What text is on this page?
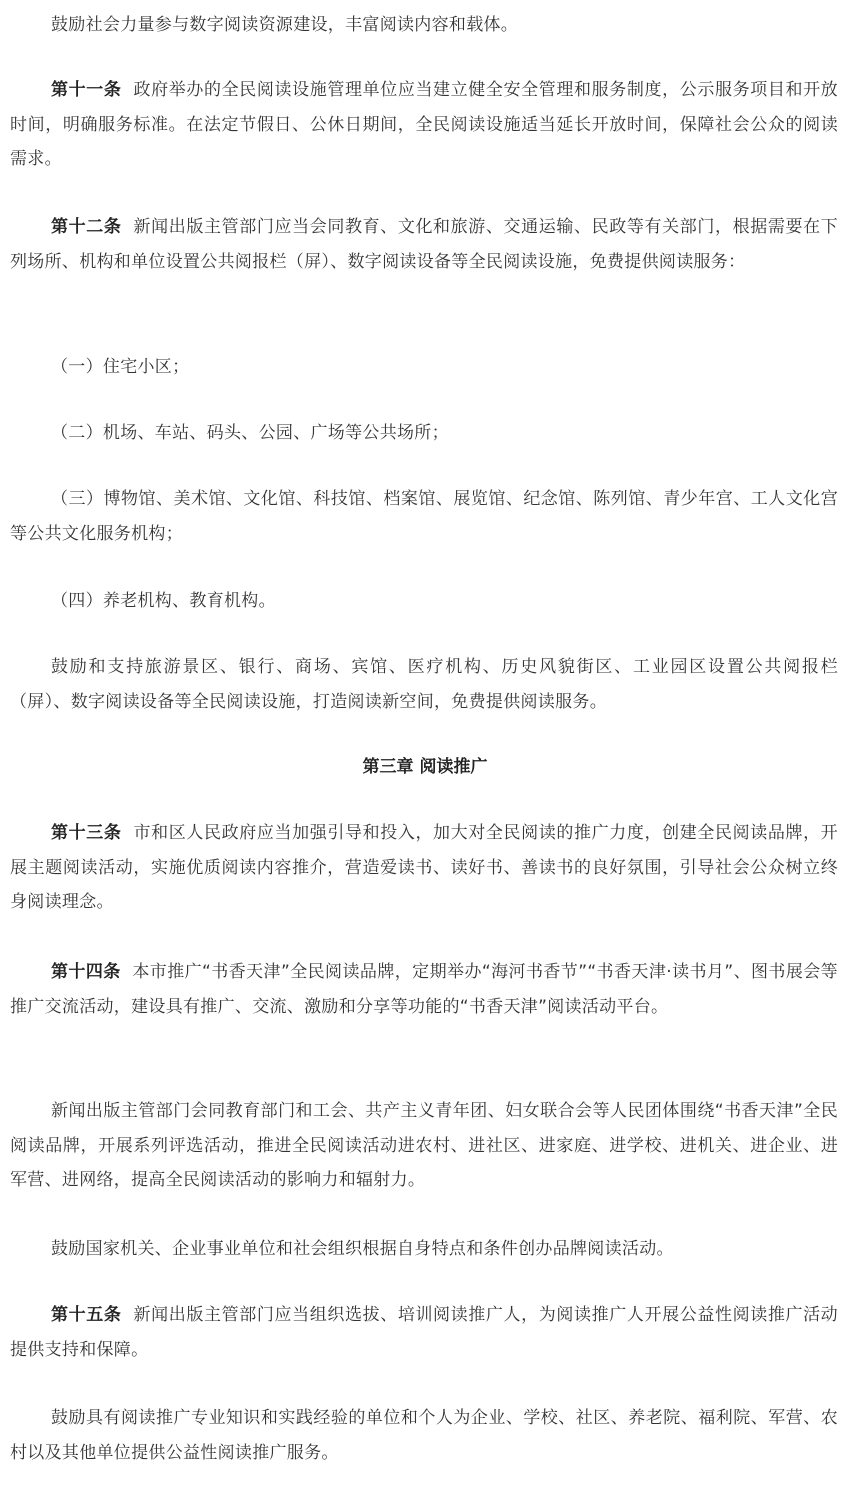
鼓励社会力量参与数字阅读资源建设，丰富阅读内容和载体。

第十一条 政府举办的全民阅读设施管理单位应当建立健全安全管理和服务制度，公示服务项目和开放时间，明确服务标准。在法定节假日、公休日期间，全民阅读设施适当延长开放时间，保障社会公众的阅读需求。

第十二条 新闻出版主管部门应当会同教育、文化和旅游、交通运输、民政等有关部门，根据需要在下列场所、机构和单位设置公共阅报栏（屏）、数字阅读设备等全民阅读设施，免费提供阅读服务：

（一）住宅小区；

（二）机场、车站、码头、公园、广场等公共场所；

（三）博物馆、美术馆、文化馆、科技馆、档案馆、展览馆、纪念馆、陈列馆、青少年宫、工人文化宫等公共文化服务机构；

（四）养老机构、教育机构。

鼓励和支持旅游景区、银行、商场、宾馆、医疗机构、历史风貌街区、工业园区设置公共阅报栏（屏）、数字阅读设备等全民阅读设施，打造阅读新空间，免费提供阅读服务。

第三章 阅读推广

第十三条 市和区人民政府应当加强引导和投入，加大对全民阅读的推广力度，创建全民阅读品牌，开展主题阅读活动，实施优质阅读内容推介，营造爱读书、读好书、善读书的良好氛围，引导社会公众树立终身阅读理念。

第十四条 本市推广“书香天津”全民阅读品牌，定期举办“海河书香节”“书香天津·读书月”、图书展会等推广交流活动，建设具有推广、交流、激励和分享等功能的“书香天津”阅读活动平台。

新闻出版主管部门会同教育部门和工会、共产主义青年团、妇女联合会等人民团体围绕“书香天津”全民阅读品牌，开展系列评选活动，推进全民阅读活动进农村、进社区、进家庭、进学校、进机关、进企业、进军营、进网络，提高全民阅读活动的影响力和辐射力。

鼓励国家机关、企业事业单位和社会组织根据自身特点和条件创办品牌阅读活动。

第十五条 新闻出版主管部门应当组织选拔、培训阅读推广人，为阅读推广人开展公益性阅读推广活动提供支持和保障。

鼓励具有阅读推广专业知识和实践经验的单位和个人为企业、学校、社区、养老院、福利院、军营、农村以及其他单位提供公益性阅读推广服务。
